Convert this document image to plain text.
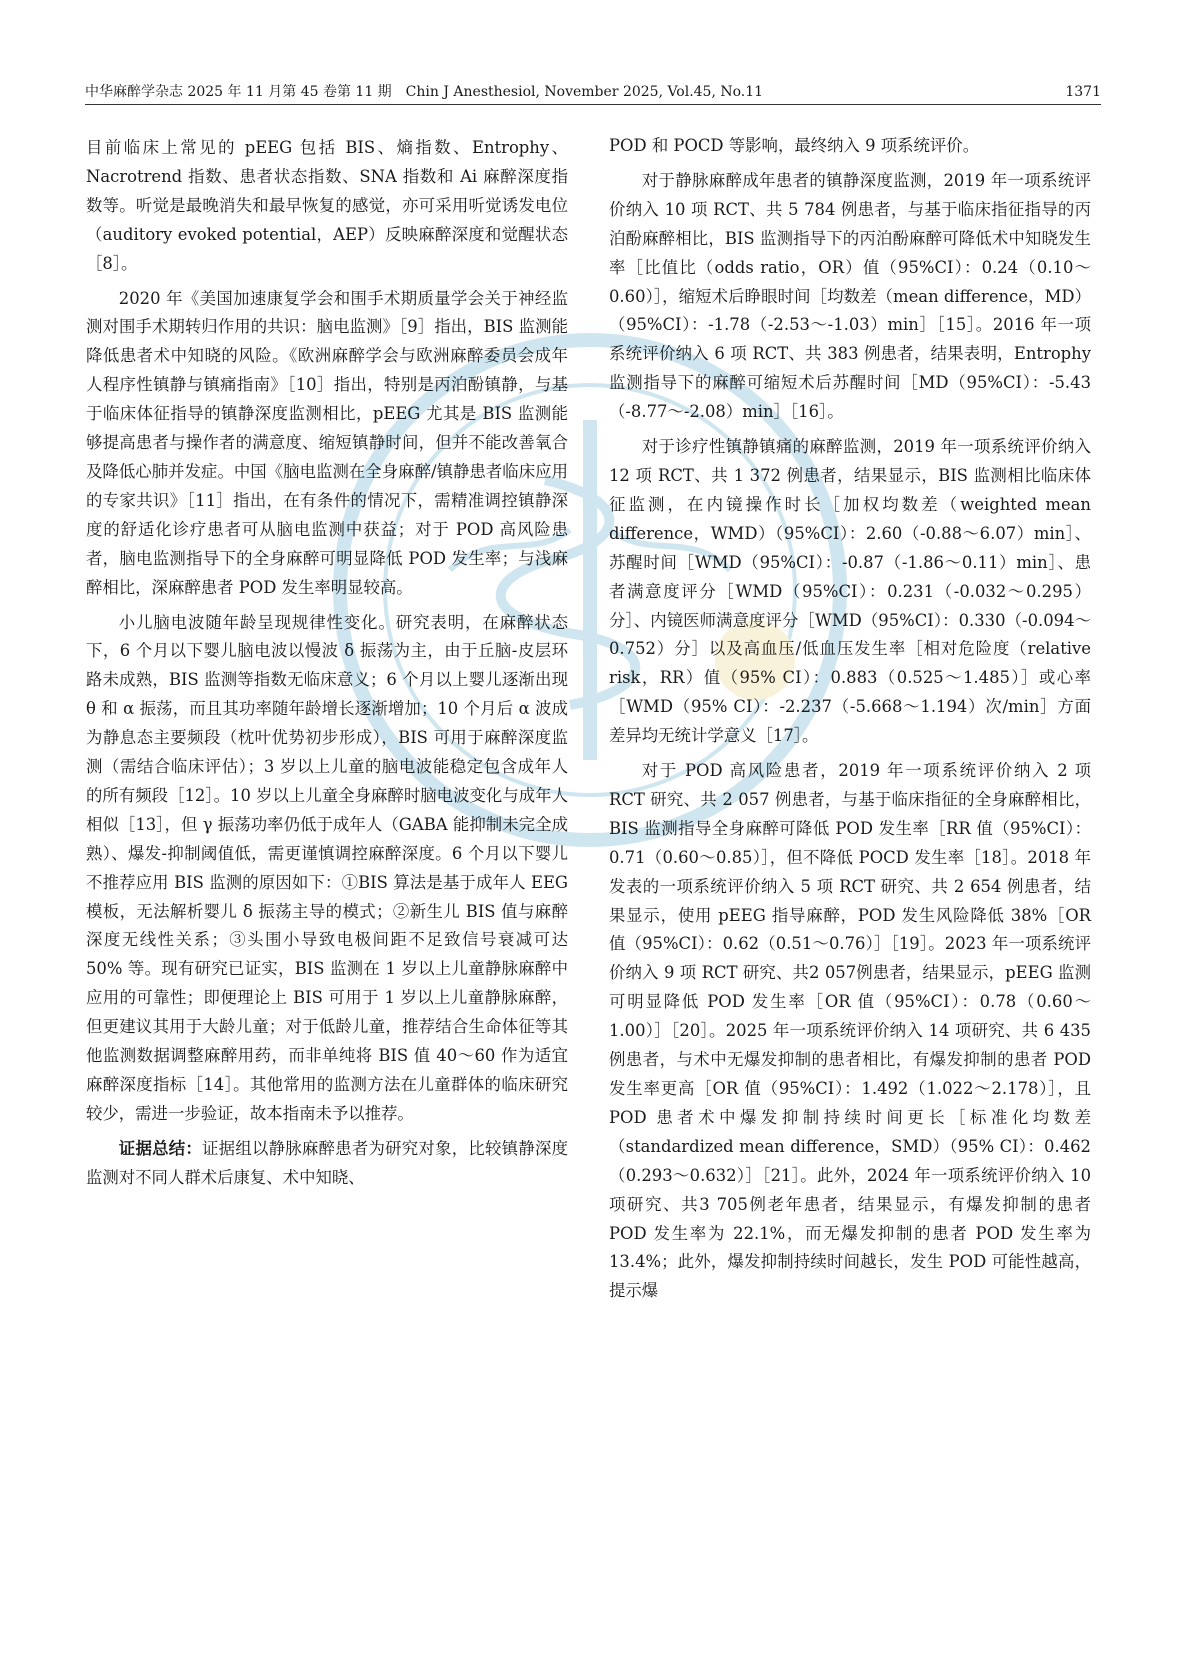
中华麻醉学杂志 2025 年 11 月第 45 卷第 11 期　Chin J Anesthesiol, November 2025, Vol.45, No.11	1371

目前临床上常见的 pEEG 包括 BIS、熵指数、Entrophy、Nacrotrend 指数、患者状态指数、SNA 指数和 Ai 麻醉深度指数等。听觉是最晚消失和最早恢复的感觉，亦可采用听觉诱发电位（auditory evoked potential，AEP）反映麻醉深度和觉醒状态［8］。

2020 年《美国加速康复学会和围手术期质量学会关于神经监测对围手术期转归作用的共识：脑电监测》［9］指出，BIS 监测能降低患者术中知晓的风险。《欧洲麻醉学会与欧洲麻醉委员会成年人程序性镇静与镇痛指南》［10］指出，特别是丙泊酚镇静，与基于临床体征指导的镇静深度监测相比，pEEG 尤其是 BIS 监测能够提高患者与操作者的满意度、缩短镇静时间，但并不能改善氧合及降低心肺并发症。中国《脑电监测在全身麻醉/镇静患者临床应用的专家共识》［11］指出，在有条件的情况下，需精准调控镇静深度的舒适化诊疗患者可从脑电监测中获益；对于 POD 高风险患者，脑电监测指导下的全身麻醉可明显降低 POD 发生率；与浅麻醉相比，深麻醉患者 POD 发生率明显较高。

小儿脑电波随年龄呈现规律性变化。研究表明，在麻醉状态下，6 个月以下婴儿脑电波以慢波 δ 振荡为主，由于丘脑-皮层环路未成熟，BIS 监测等指数无临床意义；6 个月以上婴儿逐渐出现 θ 和 α 振荡，而且其功率随年龄增长逐渐增加；10 个月后 α 波成为静息态主要频段（枕叶优势初步形成），BIS 可用于麻醉深度监测（需结合临床评估）；3 岁以上儿童的脑电波能稳定包含成年人的所有频段［12］。10 岁以上儿童全身麻醉时脑电波变化与成年人相似［13］，但 γ 振荡功率仍低于成年人（GABA 能抑制未完全成熟）、爆发-抑制阈值低，需更谨慎调控麻醉深度。6 个月以下婴儿不推荐应用 BIS 监测的原因如下：①BIS 算法是基于成年人 EEG 模板，无法解析婴儿 δ 振荡主导的模式；②新生儿 BIS 值与麻醉深度无线性关系；③头围小导致电极间距不足致信号衰减可达 50% 等。现有研究已证实，BIS 监测在 1 岁以上儿童静脉麻醉中应用的可靠性；即便理论上 BIS 可用于 1 岁以上儿童静脉麻醉，但更建议其用于大龄儿童；对于低龄儿童，推荐结合生命体征等其他监测数据调整麻醉用药，而非单纯将 BIS 值 40～60 作为适宜麻醉深度指标［14］。其他常用的监测方法在儿童群体的临床研究较少，需进一步验证，故本指南未予以推荐。

证据总结：证据组以静脉麻醉患者为研究对象，比较镇静深度监测对不同人群术后康复、术中知晓、

POD 和 POCD 等影响，最终纳入 9 项系统评价。

对于静脉麻醉成年患者的镇静深度监测，2019 年一项系统评价纳入 10 项 RCT、共 5 784 例患者，与基于临床指征指导的丙泊酚麻醉相比，BIS 监测指导下的丙泊酚麻醉可降低术中知晓发生率［比值比（odds ratio，OR）值（95%CI）：0.24（0.10～0.60）］，缩短术后睁眼时间［均数差（mean difference，MD）（95%CI）：-1.78（-2.53～-1.03）min］［15］。2016 年一项系统评价纳入 6 项 RCT、共 383 例患者，结果表明，Entrophy 监测指导下的麻醉可缩短术后苏醒时间［MD（95%CI）：-5.43（-8.77～-2.08）min］［16］。

对于诊疗性镇静镇痛的麻醉监测，2019 年一项系统评价纳入 12 项 RCT、共 1 372 例患者，结果显示，BIS 监测相比临床体征监测，在内镜操作时长［加权均数差（weighted mean difference，WMD）（95%CI）：2.60（-0.88～6.07）min］、苏醒时间［WMD（95%CI）：-0.87（-1.86～0.11）min］、患者满意度评分［WMD（95%CI）：0.231（-0.032～0.295）分］、内镜医师满意度评分［WMD（95%CI）：0.330（-0.094～0.752）分］以及高血压/低血压发生率［相对危险度（relative risk，RR）值（95% CI）：0.883（0.525～1.485）］或心率［WMD（95% CI）：-2.237（-5.668～1.194）次/min］方面差异均无统计学意义［17］。

对于 POD 高风险患者，2019 年一项系统评价纳入 2 项 RCT 研究、共 2 057 例患者，与基于临床指征的全身麻醉相比，BIS 监测指导全身麻醉可降低 POD 发生率［RR 值（95%CI）：0.71（0.60～0.85）］，但不降低 POCD 发生率［18］。2018 年发表的一项系统评价纳入 5 项 RCT 研究、共 2 654 例患者，结果显示，使用 pEEG 指导麻醉，POD 发生风险降低 38%［OR 值（95%CI）：0.62（0.51～0.76）］［19］。2023 年一项系统评价纳入 9 项 RCT 研究、共2 057例患者，结果显示，pEEG 监测可明显降低 POD 发生率［OR 值（95%CI）：0.78（0.60～1.00）］［20］。2025 年一项系统评价纳入 14 项研究、共 6 435 例患者，与术中无爆发抑制的患者相比，有爆发抑制的患者 POD 发生率更高［OR 值（95%CI）：1.492（1.022～2.178）］，且 POD 患者术中爆发抑制持续时间更长［标准化均数差（standardized mean difference，SMD）（95% CI）：0.462（0.293～0.632）］［21］。此外，2024 年一项系统评价纳入 10 项研究、共3 705例老年患者，结果显示，有爆发抑制的患者 POD 发生率为 22.1%，而无爆发抑制的患者 POD 发生率为 13.4%；此外，爆发抑制持续时间越长，发生 POD 可能性越高，提示爆
